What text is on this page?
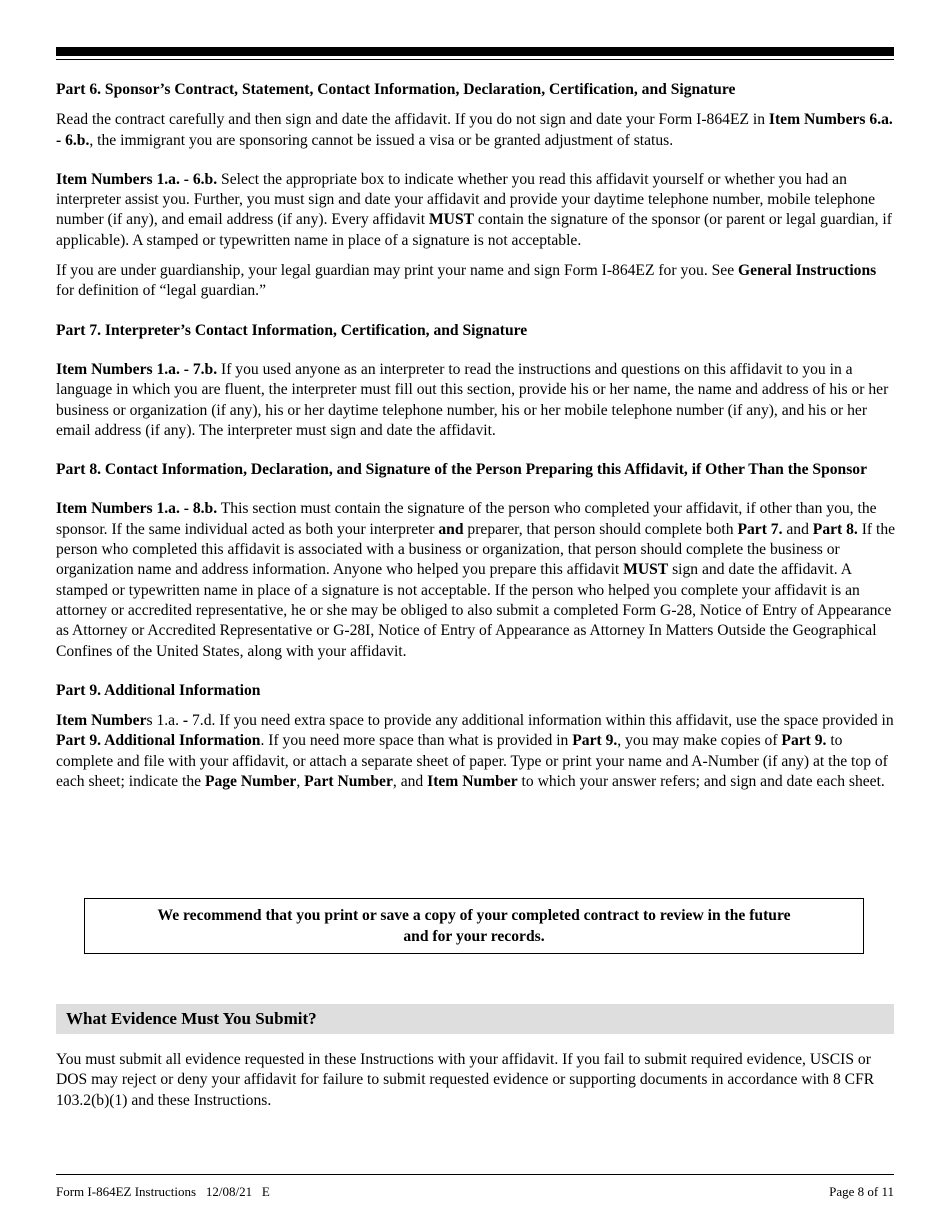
Part 6. Sponsor’s Contract, Statement, Contact Information, Declaration, Certification, and Signature

Read the contract carefully and then sign and date the affidavit. If you do not sign and date your Form I-864EZ in Item Numbers 6.a. - 6.b., the immigrant you are sponsoring cannot be issued a visa or be granted adjustment of status.

Item Numbers 1.a. - 6.b. Select the appropriate box to indicate whether you read this affidavit yourself or whether you had an interpreter assist you. Further, you must sign and date your affidavit and provide your daytime telephone number, mobile telephone number (if any), and email address (if any). Every affidavit MUST contain the signature of the sponsor (or parent or legal guardian, if applicable). A stamped or typewritten name in place of a signature is not acceptable.

If you are under guardianship, your legal guardian may print your name and sign Form I-864EZ for you. See General Instructions for definition of “legal guardian.”

Part 7. Interpreter’s Contact Information, Certification, and Signature

Item Numbers 1.a. - 7.b. If you used anyone as an interpreter to read the instructions and questions on this affidavit to you in a language in which you are fluent, the interpreter must fill out this section, provide his or her name, the name and address of his or her business or organization (if any), his or her daytime telephone number, his or her mobile telephone number (if any), and his or her email address (if any). The interpreter must sign and date the affidavit.

Part 8. Contact Information, Declaration, and Signature of the Person Preparing this Affidavit, if Other Than the Sponsor

Item Numbers 1.a. - 8.b. This section must contain the signature of the person who completed your affidavit, if other than you, the sponsor. If the same individual acted as both your interpreter and preparer, that person should complete both Part 7. and Part 8. If the person who completed this affidavit is associated with a business or organization, that person should complete the business or organization name and address information. Anyone who helped you prepare this affidavit MUST sign and date the affidavit. A stamped or typewritten name in place of a signature is not acceptable. If the person who helped you complete your affidavit is an attorney or accredited representative, he or she may be obliged to also submit a completed Form G-28, Notice of Entry of Appearance as Attorney or Accredited Representative or G-28I, Notice of Entry of Appearance as Attorney In Matters Outside the Geographical Confines of the United States, along with your affidavit.

Part 9. Additional Information

Item Numbers 1.a. - 7.d. If you need extra space to provide any additional information within this affidavit, use the space provided in Part 9. Additional Information. If you need more space than what is provided in Part 9., you may make copies of Part 9. to complete and file with your affidavit, or attach a separate sheet of paper. Type or print your name and A-Number (if any) at the top of each sheet; indicate the Page Number, Part Number, and Item Number to which your answer refers; and sign and date each sheet.

We recommend that you print or save a copy of your completed contract to review in the future
and for your records.
What Evidence Must You Submit?
You must submit all evidence requested in these Instructions with your affidavit. If you fail to submit required evidence, USCIS or DOS may reject or deny your affidavit for failure to submit requested evidence or supporting documents in accordance with 8 CFR 103.2(b)(1) and these Instructions.
Form I-864EZ Instructions   12/08/21   E	Page 8 of 11
